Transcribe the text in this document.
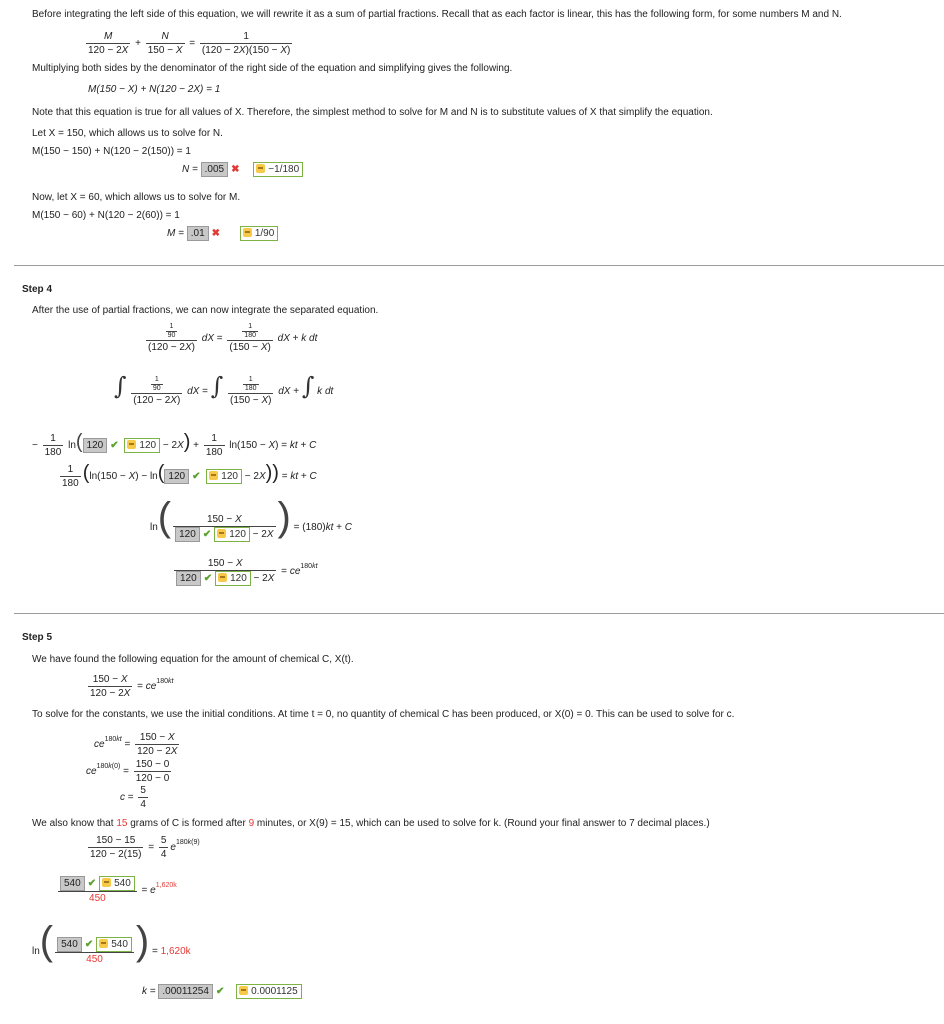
Before integrating the left side of this equation, we will rewrite it as a sum of partial fractions. Recall that as each factor is linear, this has the following form, for some numbers M and N.
$\frac{M}{120 - 2X} + \frac{N}{150 - X} = \frac{1}{(120 - 2X)(150 - X)}$
Multiplying both sides by the denominator of the right side of the equation and simplifying gives the following.
M(150 − X) + N(120 − 2X) = 1
Note that this equation is true for all values of X. Therefore, the simplest method to solve for M and N is to substitute values of X that simplify the equation.
Let X = 150, which allows us to solve for N.
M(150 − 150) + N(120 − 2(150)) = 1
N = .005 ✖	−1/180
Now, let X = 60, which allows us to solve for M.
M(150 − 60) + N(120 − 2(60)) = 1
M = .01 ✖	1/90
Step 4
After the use of partial fractions, we can now integrate the separated equation.
$\frac{\frac{1}{90}}{(120 - 2X)}$ dX = $\frac{\frac{1}{180}}{(150 - X)}$ dX + k dt
∫ $\frac{\frac{1}{90}}{(120 - 2X)}$ dX = ∫ $\frac{\frac{1}{180}}{(150 - X)}$ dX + ∫ k dt
− $\frac{1}{180} \ln$( 120 ✔ $120 - 2X) + \frac{1}{180} \ln(150 - X)$ = kt + C
$\frac{1}{180} (\ln(150 - X) - \ln$( 120 ✔ 120 − 2X)) = kt + C
$\ln( \frac{150 - X}{120 ✔ 120 - 2X}$ ) = (180)kt + C
$\frac{150 - X}{120 ✔ 120 - 2X} = ce^{180kt}$
Step 5
We have found the following equation for the amount of chemical C, X(t).
$\frac{150 - X}{120 - 2X} = ce^{180kt}$
To solve for the constants, we use the initial conditions. At time t = 0, no quantity of chemical C has been produced, or X(0) = 0. This can be used to solve for c.
$ce^{180kt} = \frac{150 - X}{120 - 2X}$
$ce^{180k(0)} = \frac{150 - 0}{120 - 0}$
$c = \frac{5}{4}$
We also know that 15 grams of C is formed after 9 minutes, or X(9) = 15, which can be used to solve for k. (Round your final answer to 7 decimal places.)
$\frac{150 - 15}{120 - 2(15)} = \frac{5}{4} e^{180k(9)}$
$\frac{540 ✔ 540}{450} = e^{1,620k}$
$\ln( \frac{540 ✔ 540}{450}$ ) = 1,620k
k = .00011254 ✔	0.0001125
